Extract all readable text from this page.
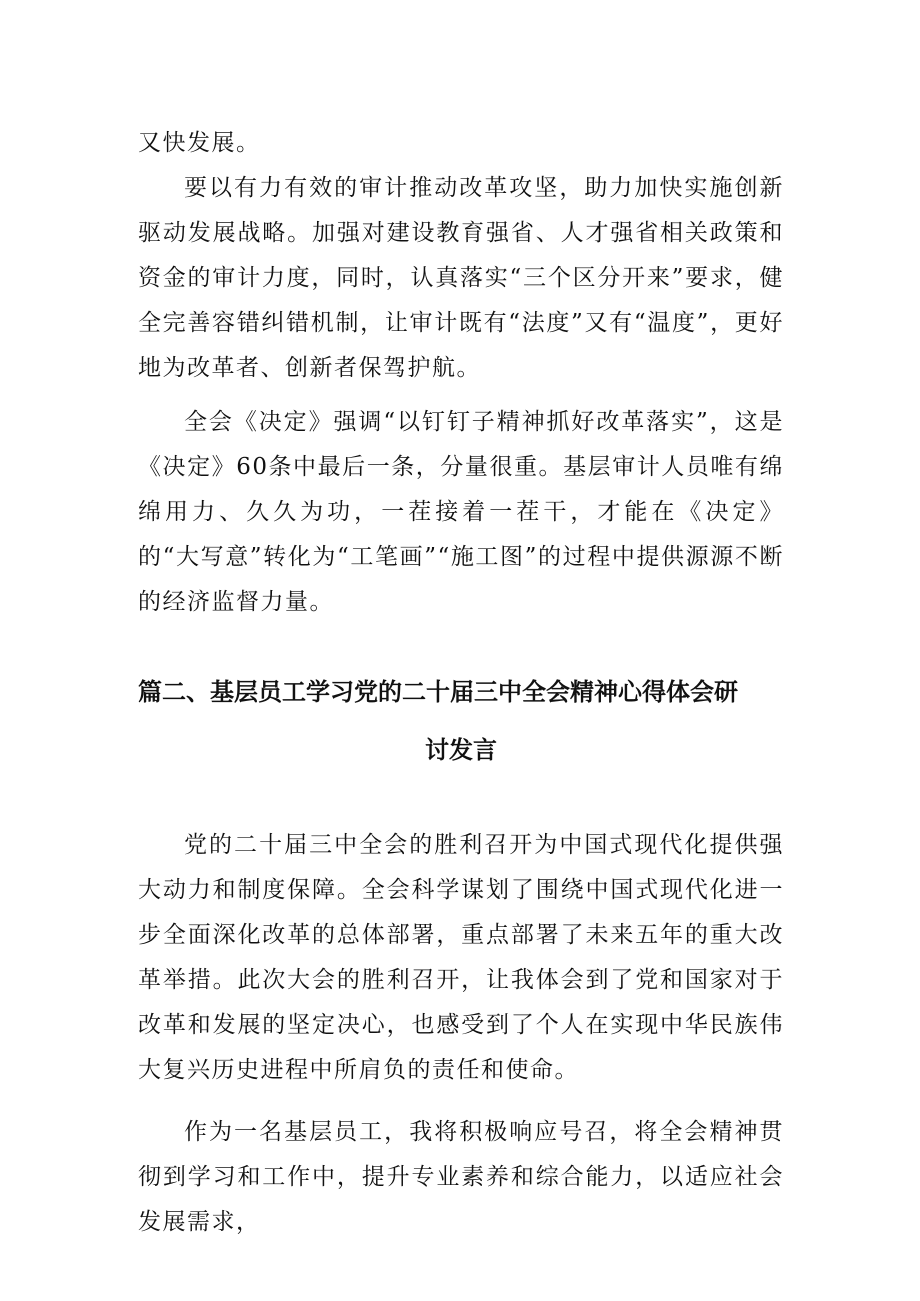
又快发展。

要以有力有效的审计推动改革攻坚，助力加快实施创新驱动发展战略。加强对建设教育强省、人才强省相关政策和资金的审计力度，同时，认真落实“三个区分开来”要求，健全完善容错纠错机制，让审计既有“法度”又有“温度”，更好地为改革者、创新者保驾护航。

全会《决定》强调“以钉钉子精神抓好改革落实”，这是《决定》60条中最后一条，分量很重。基层审计人员唯有绵绵用力、久久为功，一茬接着一茬干，才能在《决定》的“大写意”转化为“工笔画”“施工图”的过程中提供源源不断的经济监督力量。

篇二、基层员工学习党的二十届三中全会精神心得体会研
讨发言

党的二十届三中全会的胜利召开为中国式现代化提供强大动力和制度保障。全会科学谋划了围绕中国式现代化进一步全面深化改革的总体部署，重点部署了未来五年的重大改革举措。此次大会的胜利召开，让我体会到了党和国家对于改革和发展的坚定决心，也感受到了个人在实现中华民族伟大复兴历史进程中所肩负的责任和使命。

作为一名基层员工，我将积极响应号召，将全会精神贯彻到学习和工作中，提升专业素养和综合能力，以适应社会发展需求，
